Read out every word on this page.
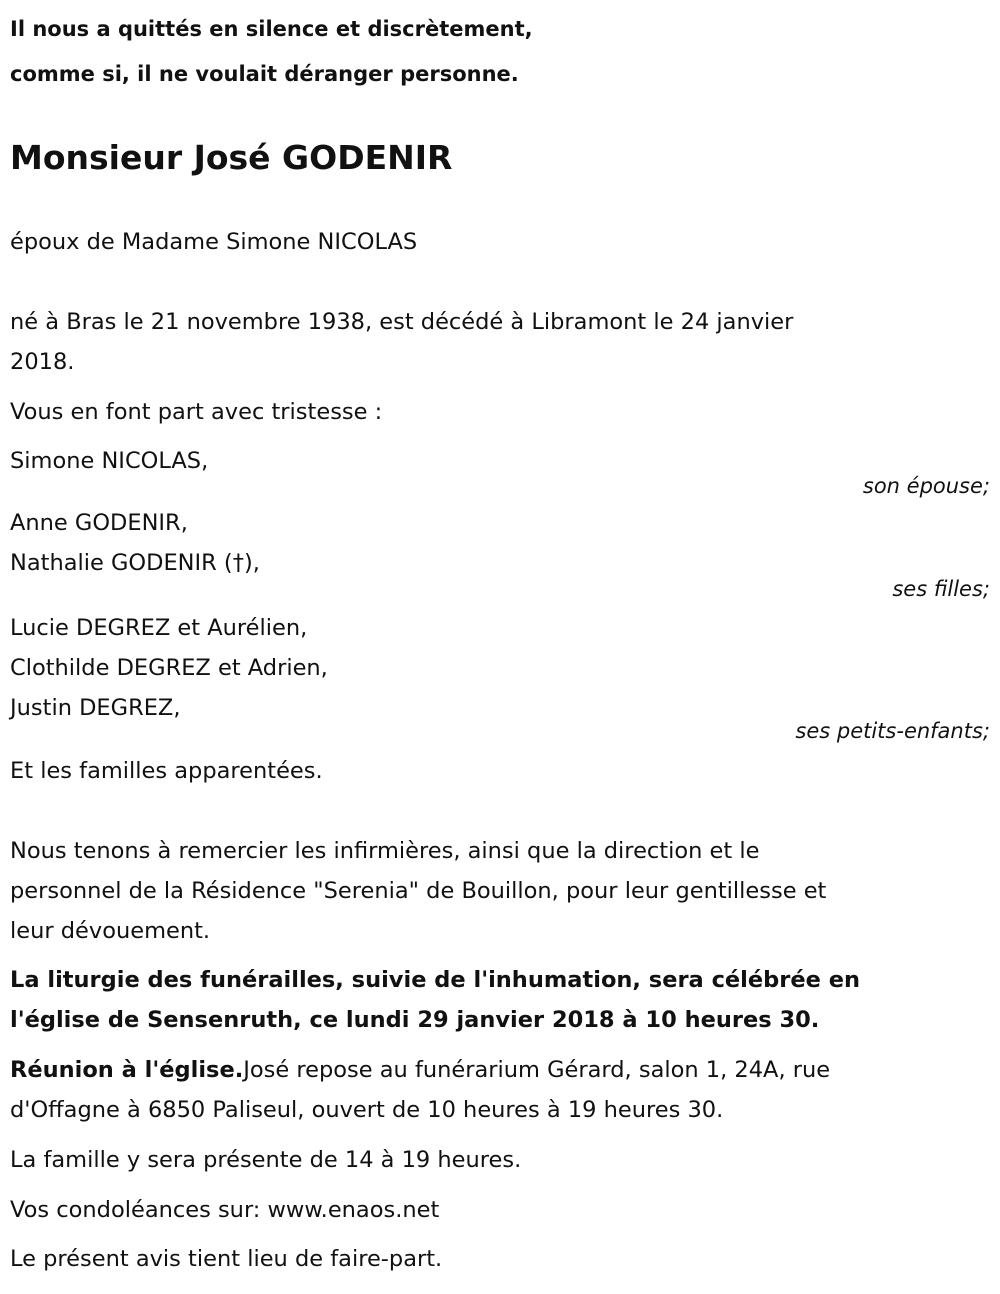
Il nous a quittés en silence et discrètement,
comme si, il ne voulait déranger personne.
Monsieur José GODENIR
époux de Madame Simone NICOLAS
né à Bras le 21 novembre 1938, est décédé à Libramont le 24 janvier
2018.
Vous en font part avec tristesse :
Simone NICOLAS,
son épouse;
Anne GODENIR,
Nathalie GODENIR (†),
ses filles;
Lucie DEGREZ et Aurélien,
Clothilde DEGREZ et Adrien,
Justin DEGREZ,
ses petits-enfants;
Et les familles apparentées.
Nous tenons à remercier les infirmières, ainsi que la direction et le
personnel de la Résidence "Serenia" de Bouillon, pour leur gentillesse et
leur dévouement.
La liturgie des funérailles, suivie de l'inhumation, sera célébrée en
l'église de Sensenruth, ce lundi 29 janvier 2018 à 10 heures 30.
Réunion à l'église.José repose au funérarium Gérard, salon 1, 24A, rue
d'Offagne à 6850 Paliseul, ouvert de 10 heures à 19 heures 30.
La famille y sera présente de 14 à 19 heures.
Vos condoléances sur: www.enaos.net
Le présent avis tient lieu de faire-part.
